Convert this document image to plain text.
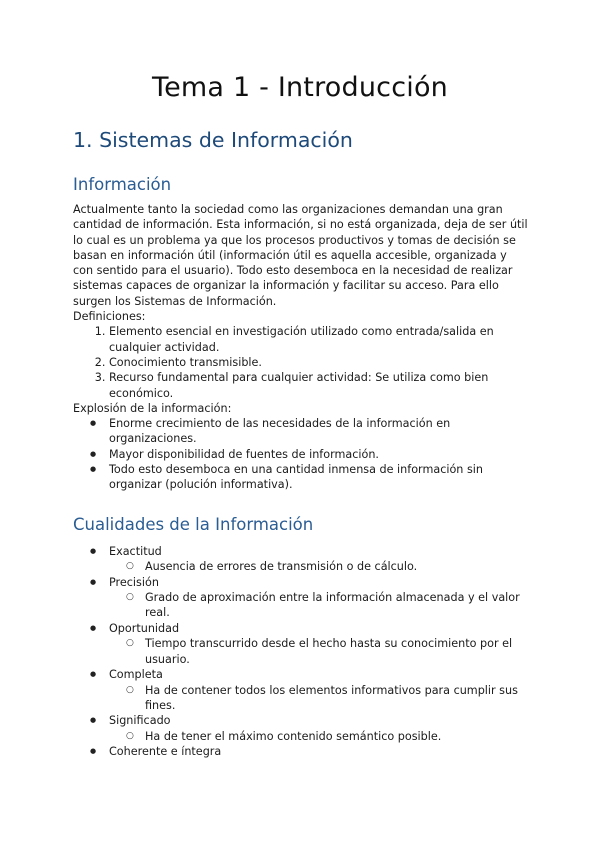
Tema 1 - Introducción
1. Sistemas de Información
Información

Actualmente tanto la sociedad como las organizaciones demandan una gran cantidad de información. Esta información, si no está organizada, deja de ser útil lo cual es un problema ya que los procesos productivos y tomas de decisión se basan en información útil (información útil es aquella accesible, organizada y con sentido para el usuario). Todo esto desemboca en la necesidad de realizar sistemas capaces de organizar la información y facilitar su acceso. Para ello surgen los Sistemas de Información.

Definiciones:
1. Elemento esencial en investigación utilizado como entrada/salida en cualquier actividad.
2. Conocimiento transmisible.
3. Recurso fundamental para cualquier actividad: Se utiliza como bien económico.
Explosión de la información:
● Enorme crecimiento de las necesidades de la información en organizaciones.
● Mayor disponibilidad de fuentes de información.
● Todo esto desemboca en una cantidad inmensa de información sin organizar (polución informativa).
Cualidades de la Información
● Exactitud
○ Ausencia de errores de transmisión o de cálculo.
● Precisión
○ Grado de aproximación entre la información almacenada y el valor real.
● Oportunidad
○ Tiempo transcurrido desde el hecho hasta su conocimiento por el usuario.
● Completa
○ Ha de contener todos los elementos informativos para cumplir sus fines.
● Significado
○ Ha de tener el máximo contenido semántico posible.
● Coherente e íntegra
